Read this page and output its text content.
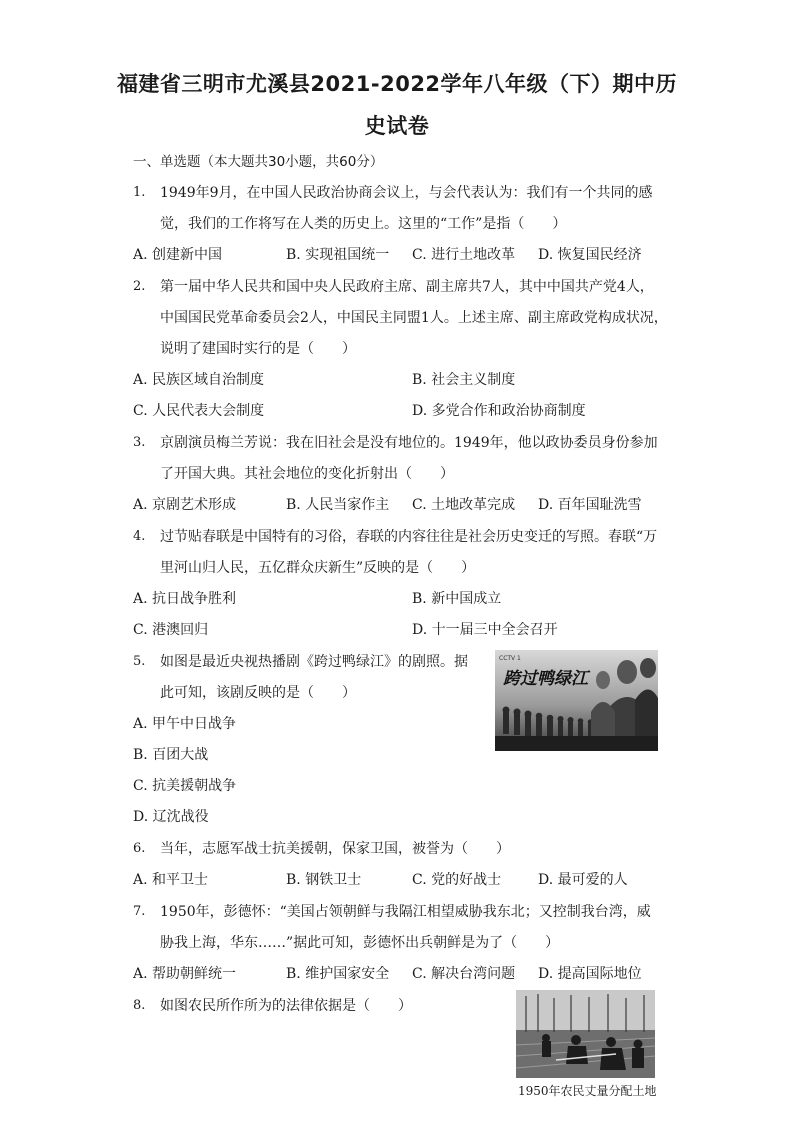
福建省三明市尤溪县2021-2022学年八年级（下）期中历
史试卷
一、单选题（本大题共30小题，共60分）
1. 1949年9月，在中国人民政治协商会议上，与会代表认为：我们有一个共同的感
觉，我们的工作将写在人类的历史上。这里的“工作”是指（　　）
A. 创建新中国	B. 实现祖国统一 C. 进行土地改革 D. 恢复国民经济
2. 第一届中华人民共和国中央人民政府主席、副主席共7人，其中中国共产党4人，
中国国民党革命委员会2人，中国民主同盟1人。上述主席、副主席政党构成状况，
说明了建国时实行的是（　　）
A. 民族区域自治制度	B. 社会主义制度
C. 人民代表大会制度	D. 多党合作和政治协商制度
3. 京剧演员梅兰芳说：我在旧社会是没有地位的。1949年，他以政协委员身份参加
了开国大典。其社会地位的变化折射出（　　）
A. 京剧艺术形成	B. 人民当家作主 C. 土地改革完成 D. 百年国耻洗雪
4. 过节贴春联是中国特有的习俗，春联的内容往往是社会历史变迁的写照。春联“万
里河山归人民，五亿群众庆新生”反映的是（　　）
A. 抗日战争胜利	B. 新中国成立
C. 港澳回归	D. 十一届三中全会召开
5. 如图是最近央视热播剧《跨过鸭绿江》的剧照。据
此可知，该剧反映的是（　　）
A. 甲午中日战争
B. 百团大战
C. 抗美援朝战争
D. 辽沈战役
CCTV 1
跨过鸭绿江
6. 当年，志愿军战士抗美援朝，保家卫国，被誉为（　　）
A. 和平卫士	B. 钢铁卫士	C. 党的好战士	D. 最可爱的人
7. 1950年，彭德怀：“美国占领朝鲜与我隔江相望威胁我东北；又控制我台湾，威
胁我上海，华东……”据此可知，彭德怀出兵朝鲜是为了（　　）
A. 帮助朝鲜统一	B. 维护国家安全 C. 解决台湾问题 D. 提高国际地位
8. 如图农民所作所为的法律依据是（　　）
1950年农民丈量分配土地
